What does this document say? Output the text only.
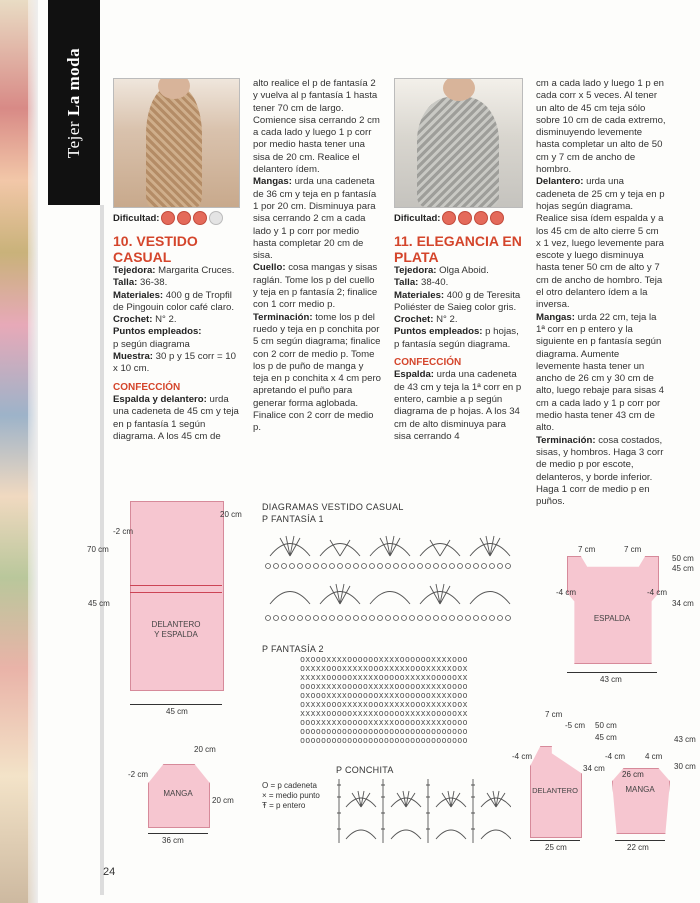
Tejer La moda
Dificultad:	Dificultad:
10. VESTIDO
CASUAL

Tejedora: Margarita Cruces.

Talla: 36-38.

Materiales: 400 g de Tropfil de Pingouin color café claro.

Crochet: N° 2.

Puntos empleados:

p según diagrama

Muestra: 30 p y 15 corr = 10 x 10 cm.

CONFECCIÓN

Espalda y delantero: urda una cadeneta de 45 cm y teja en p fantasía 1 según diagrama. A los 45 cm de

alto realice el p de fantasía 2 y vuelva al p fantasía 1 hasta tener 70 cm de largo. Comience sisa cerrando 2 cm a cada lado y luego 1 p corr por medio hasta tener una sisa de 20 cm. Realice el delantero ídem.

Mangas: urda una cadeneta de 36 cm y teja en p fantasía 1 por 20 cm. Disminuya para sisa cerrando 2 cm a cada lado y 1 p corr por medio hasta completar 20 cm de sisa.

Cuello: cosa mangas y sisas raglán. Tome los p del cuello y teja en p fantasía 2; finalice con 1 corr medio p.

Terminación: tome los p del ruedo y teja en p conchita por 5 cm según diagrama; finalice con 2 corr de medio p. Tome los p de puño de manga y teja en p conchita x 4 cm pero apretando el puño para generar forma aglobada. Finalice con 2 corr de medio p.

11. ELEGANCIA EN
PLATA

Tejedora: Olga Aboid.

Talla: 38-40.

Materiales: 400 g de Teresita Poliéster de Saieg color gris.

Crochet: N° 2.

Puntos empleados: p hojas, p fantasía según diagrama.

CONFECCIÓN

Espalda: urda una cadeneta de 43 cm y teja la 1ª corr en p entero, cambie a p según diagrama de p hojas. A los 34 cm de alto disminuya para sisa cerrando 4

cm a cada lado y luego 1 p en cada corr x 5 veces. Al tener un alto de 45 cm teja sólo sobre 10 cm de cada extremo, disminuyendo levemente hasta completar un alto de 50 cm y 7 cm de ancho de hombro.

Delantero: urda una cadeneta de 25 cm y teja en p hojas según diagrama. Realice sisa ídem espalda y a los 45 cm de alto cierre 5 cm x 1 vez, luego levemente para escote y luego disminuya hasta tener 50 cm de alto y 7 cm de ancho de hombro. Teja el otro delantero ídem a la inversa.

Mangas: urda 22 cm, teja la 1ª corr en p entero y la siguiente en p fantasía según diagrama. Aumente levemente hasta tener un ancho de 26 cm y 30 cm de alto, luego rebaje para sisas 4 cm a cada lado y 1 p corr por medio hasta tener 43 cm de alto.

Terminación: cosa costados, sisas, y hombros. Haga 3 corr de medio p por escote, delanteros, y borde inferior. Haga 1 corr de medio p en puños.

DIAGRAMAS VESTIDO CASUAL
P FANTASÍA 1
P FANTASÍA 2
oxoooxxxxooooooxxxxooooooxxxxooo
oxxxxoooxxxxxoooxxxxxoooxxxxxoox
xxxxxoooooxxxxxoooooxxxxxoooooxx
oooxxxxxoooooxxxxxoooooxxxxxoooo
oxoooxxxxooooooxxxxooooooxxxxooo
oxxxxoooxxxxxoooxxxxxoooxxxxxoox
xxxxxoooooxxxxxoooooxxxxxoooooxx
oooxxxxxoooooxxxxxoooooxxxxxoooo
oooooooooooooooooooooooooooooooo
oooooooooooooooooooooooooooooooo
O = p cadeneta
× = medio punto
Ŧ = p entero
P CONCHITA
DELANTERO
Y ESPALDA
-2 cm
70 cm
45 cm
20 cm
45 cm
MANGA
-2 cm
20 cm
20 cm
36 cm
ESPALDA
7 cm	7 cm
50 cm
45 cm
34 cm
-4 cm	-4 cm
43 cm
DELANTERO
7 cm
-5 cm 50 cm
45 cm
34 cm
-4 cm
25 cm
MANGA
-4 cm	4 cm
26 cm
43 cm
30 cm
22 cm
24
